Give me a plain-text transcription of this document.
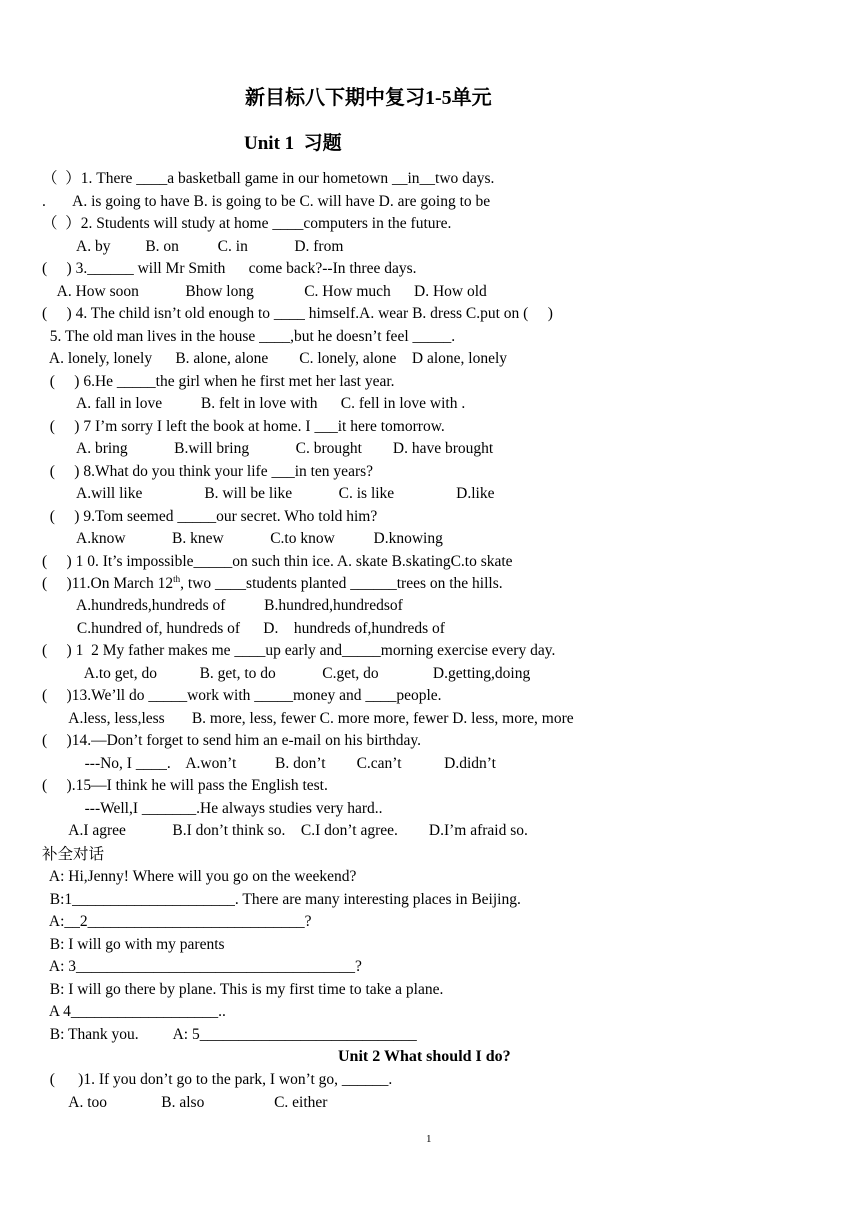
新目标八下期中复习1-5单元
Unit 1  习题
（  ）1. There ____a basketball game in our hometown __in__two days.
.       A. is going to have B. is going to be C. will have D. are going to be
（  ）2. Students will study at home ____computers in the future.
A. by         B. on          C. in            D. from
(     ) 3.______ will Mr Smith      come back?--In three days.
A. How soon            Bhow long             C. How much      D. How old
(     ) 4. The child isn’t old enough to ____ himself.A. wear B. dress C.put on (     )
5. The old man lives in the house ____,but he doesn’t feel _____.
A. lonely, lonely      B. alone, alone        C. lonely, alone    D alone, lonely
(     ) 6.He _____the girl when he first met her last year.
A. fall in love          B. felt in love with      C. fell in love with .
(     ) 7 I’m sorry I left the book at home. I ___it here tomorrow.
A. bring            B.will bring            C. brought        D. have brought
(     ) 8.What do you think your life ___in ten years?
A.will like                B. will be like            C. is like                D.like
(     ) 9.Tom seemed _____our secret. Who told him?
A.know            B. knew            C.to know          D.knowing
(     ) 1 0. It’s impossible_____on such thin ice. A. skate B.skatingC.to skate
(     )11.On March 12th, two ____students planted ______trees on the hills.
A.hundreds,hundreds of          B.hundred,hundredsof
C.hundred of, hundreds of      D.    hundreds of,hundreds of
(     ) 1  2 My father makes me ____up early and_____morning exercise every day.
A.to get, do           B. get, to do            C.get, do              D.getting,doing
(     )13.We’ll do _____work with _____money and ____people.
A.less, less,less       B. more, less, fewer C. more more, fewer D. less, more, more
(     )14.—Don’t forget to send him an e-mail on his birthday.
---No, I ____.    A.won’t          B. don’t        C.can’t           D.didn’t
(     ).15—I think he will pass the English test.
---Well,I _______.He always studies very hard..
A.I agree            B.I don’t think so.    C.I don’t agree.        D.I’m afraid so.
补全对话
A: Hi,Jenny! Where will you go on the weekend?
B:1_____________________. There are many interesting places in Beijing.
A:__2____________________________?
B: I will go with my parents
A: 3____________________________________?
B: I will go there by plane. This is my first time to take a plane.
A 4___________________..
B: Thank you.         A: 5____________________________
Unit 2 What should I do?
(      )1. If you don’t go to the park, I won’t go, ______.
A. too              B. also                  C. either
1
